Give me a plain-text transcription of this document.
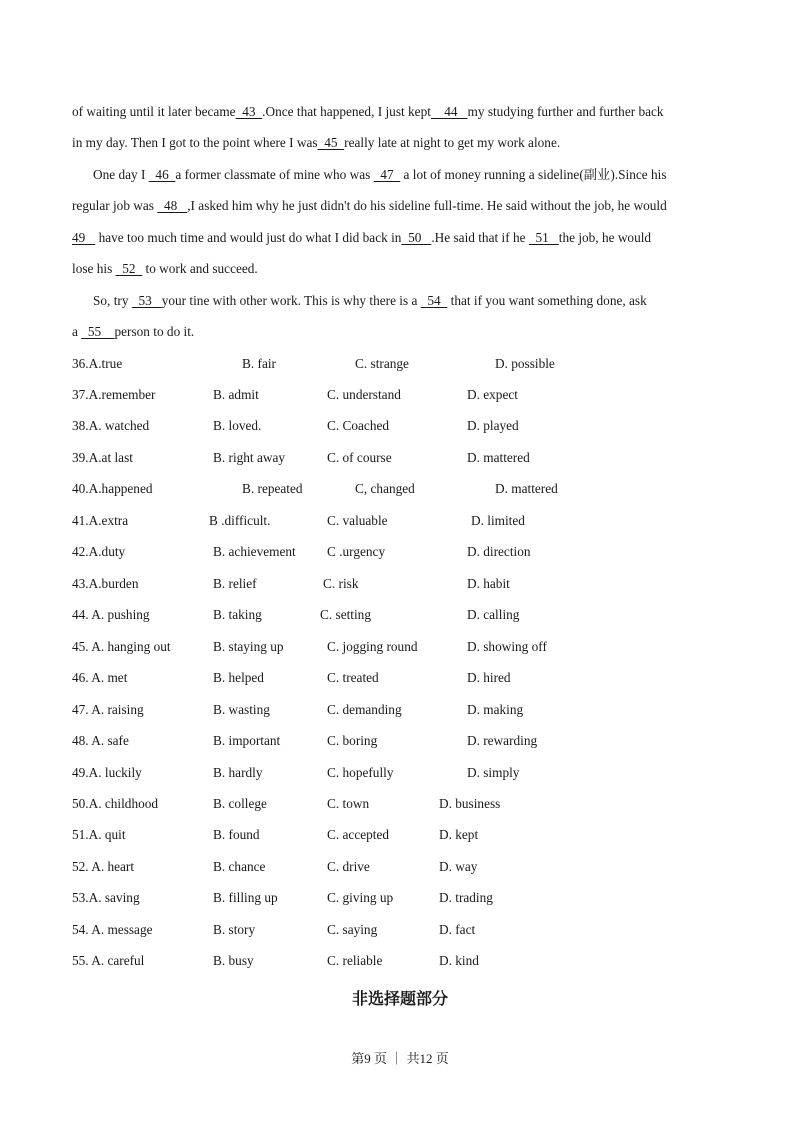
of waiting until it later became  43  .Once that happened, I just kept    44   my studying further and further back
in my day. Then I got to the point where I was  45  really late at night to get my work alone.
One day I   46  a former classmate of mine who was   47   a lot of money running a sideline(副业).Since his
regular job was   48   ,I asked him why he just didn't do his sideline full-time. He said without the job, he would
49    have too much time and would just do what I did back in  50   .He said that if he   51   the job, he would
lose his   52   to work and succeed.
So, try   53   your tine with other work. This is why there is a   54   that if you want something done, ask
a   55    person to do it.
36.A.true	B. fair	C. strange	D. possible
37.A.remember	B. admit	C. understand	D. expect
38.A. watched	B. loved.	C. Coached	D. played
39.A.at last	B. right away	C. of course	D. mattered
40.A.happened	B. repeated	C, changed	D. mattered
41.A.extra	B .difficult.	C. valuable	D. limited
42.A.duty	B. achievement C .urgency	D. direction
43.A.burden	B. relief	C. risk	D. habit
44. A. pushing	B. taking	C. setting	D. calling
45. A. hanging out	B. staying up	C. jogging round	D. showing off
46. A. met	B. helped	C. treated	D. hired
47. A. raising	B. wasting	C. demanding	D. making
48. A. safe	B. important	C. boring	D. rewarding
49.A. luckily	B. hardly	C. hopefully	D. simply
50.A. childhood	B. college	C. town	D. business
51.A. quit	B. found	C. accepted	D. kept
52. A. heart	B. chance	C. drive	D. way
53.A. saving	B. filling up	C. giving up	D. trading
54. A. message	B. story	C. saying	D. fact
55. A. careful	B. busy	C. reliable	D. kind
非选择题部分
第9 页 ｜ 共12 页
